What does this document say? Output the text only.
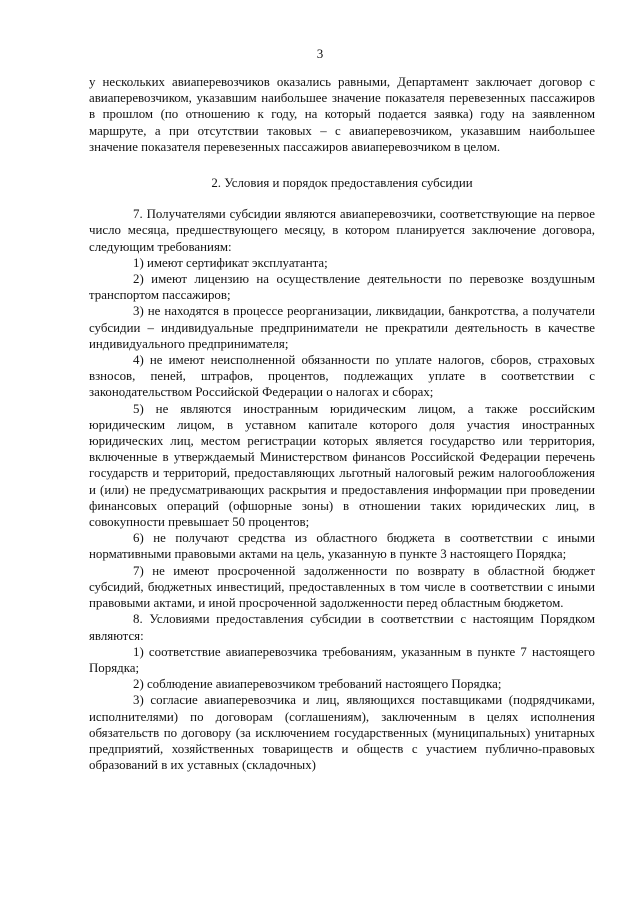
3

у нескольких авиаперевозчиков оказались равными, Департамент заключает договор с авиаперевозчиком, указавшим наибольшее значение показателя перевезенных пассажиров в прошлом (по отношению к году, на который подается заявка) году на заявленном маршруте, а при отсутствии таковых – с авиаперевозчиком, указавшим наибольшее значение показателя перевезенных пассажиров авиаперевозчиком в целом.

2. Условия и порядок предоставления субсидии

7. Получателями субсидии являются авиаперевозчики, соответствующие на первое число месяца, предшествующего месяцу, в котором планируется заключение договора, следующим требованиям:

1) имеют сертификат эксплуатанта;

2) имеют лицензию на осуществление деятельности по перевозке воздушным транспортом пассажиров;

3) не находятся в процессе реорганизации, ликвидации, банкротства, а получатели субсидии – индивидуальные предприниматели не прекратили деятельность в качестве индивидуального предпринимателя;

4) не имеют неисполненной обязанности по уплате налогов, сборов, страховых взносов, пеней, штрафов, процентов, подлежащих уплате в соответствии с законодательством Российской Федерации о налогах и сборах;

5) не являются иностранным юридическим лицом, а также российским юридическим лицом, в уставном капитале которого доля участия иностранных юридических лиц, местом регистрации которых является государство или территория, включенные в утверждаемый Министерством финансов Российской Федерации перечень государств и территорий, предоставляющих льготный налоговый режим налогообложения и (или) не предусматривающих раскрытия и предоставления информации при проведении финансовых операций (офшорные зоны) в отношении таких юридических лиц, в совокупности превышает 50 процентов;

6) не получают средства из областного бюджета в соответствии с иными нормативными правовыми актами на цель, указанную в пункте 3 настоящего Порядка;

7) не имеют просроченной задолженности по возврату в областной бюджет субсидий, бюджетных инвестиций, предоставленных в том числе в соответствии с иными правовыми актами, и иной просроченной задолженности перед областным бюджетом.

8. Условиями предоставления субсидии в соответствии с настоящим Порядком являются:

1) соответствие авиаперевозчика требованиям, указанным в пункте 7 настоящего Порядка;

2) соблюдение авиаперевозчиком требований настоящего Порядка;

3) согласие авиаперевозчика и лиц, являющихся поставщиками (подрядчиками, исполнителями) по договорам (соглашениям), заключенным в целях исполнения обязательств по договору (за исключением государственных (муниципальных) унитарных предприятий, хозяйственных товариществ и обществ с участием публично-правовых образований в их уставных (складочных)
